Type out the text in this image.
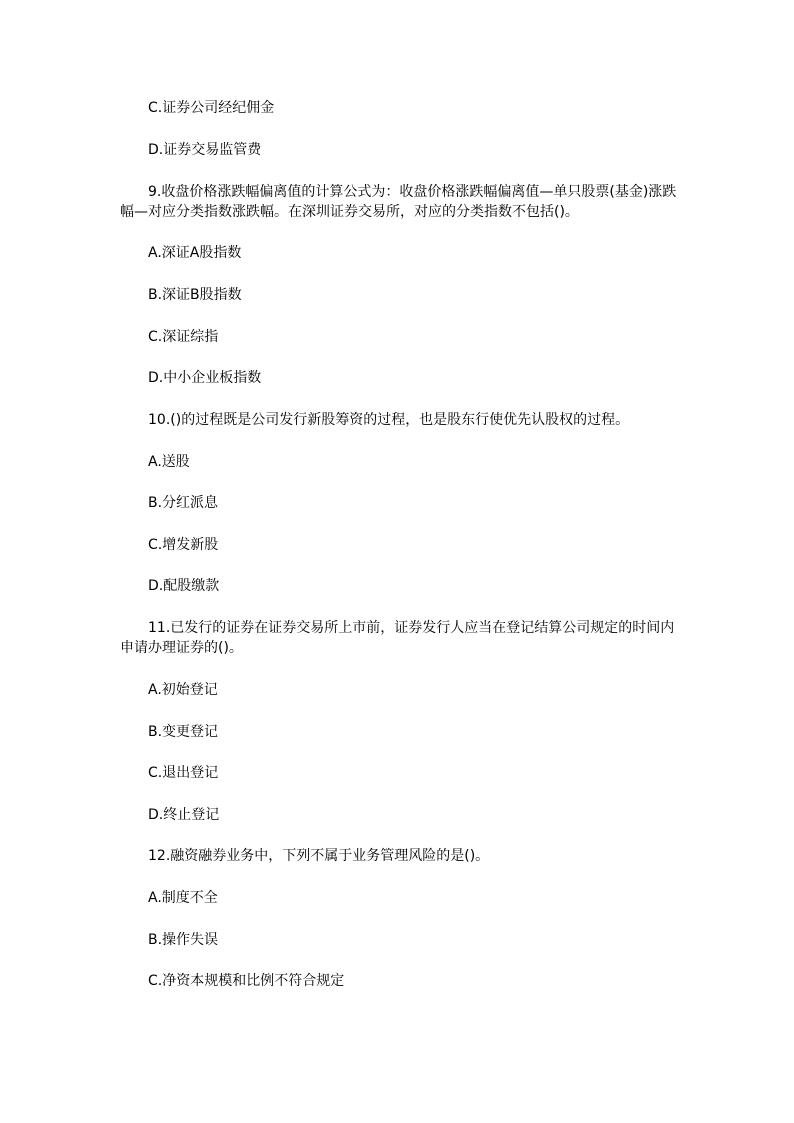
C.证券公司经纪佣金
D.证券交易监管费
9.收盘价格涨跌幅偏离值的计算公式为：收盘价格涨跌幅偏离值—单只股票(基金)涨跌幅—对应分类指数涨跌幅。在深圳证券交易所，对应的分类指数不包括()。
A.深证A股指数
B.深证B股指数
C.深证综指
D.中小企业板指数
10.()的过程既是公司发行新股筹资的过程，也是股东行使优先认股权的过程。
A.送股
B.分红派息
C.增发新股
D.配股缴款
11.已发行的证券在证券交易所上市前，证券发行人应当在登记结算公司规定的时间内申请办理证券的()。
A.初始登记
B.变更登记
C.退出登记
D.终止登记
12.融资融券业务中，下列不属于业务管理风险的是()。
A.制度不全
B.操作失误
C.净资本规模和比例不符合规定
